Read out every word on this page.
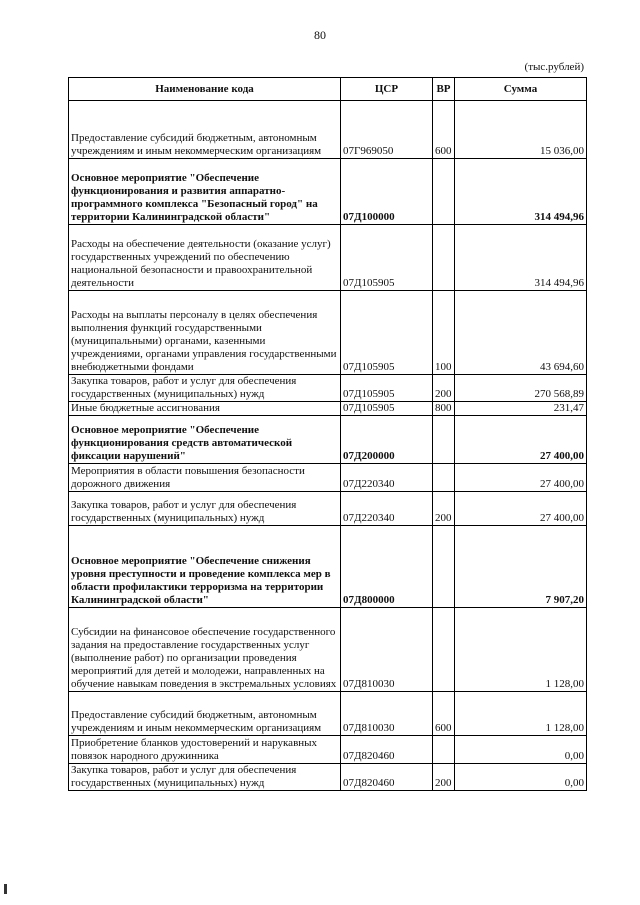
80
(тыс.рублей)
Наименование кода	ЦСР	ВР	Сумма
Предоставление субсидий бюджетным, автономным учреждениям и иным некоммерческим организациям	07Г969050	600	15 036,00
Основное мероприятие "Обеспечение функционирования и развития аппаратно-программного комплекса "Безопасный город" на территории Калининградской области"	07Д100000		314 494,96
Расходы на обеспечение деятельности (оказание услуг) государственных учреждений по обеспечению национальной безопасности и правоохранительной деятельности	07Д105905		314 494,96
Расходы на выплаты персоналу в целях обеспечения выполнения функций государственными (муниципальными) органами, казенными учреждениями, органами управления государственными внебюджетными фондами	07Д105905	100	43 694,60
Закупка товаров, работ и услуг для обеспечения государственных (муниципальных) нужд	07Д105905	200	270 568,89
Иные бюджетные ассигнования	07Д105905	800	231,47
Основное мероприятие "Обеспечение функционирования средств автоматической фиксации нарушений"	07Д200000		27 400,00
Мероприятия в области повышения безопасности дорожного движения	07Д220340		27 400,00
Закупка товаров, работ и услуг для обеспечения государственных (муниципальных) нужд	07Д220340	200	27 400,00
Основное мероприятие "Обеспечение снижения уровня преступности и проведение комплекса мер в области профилактики терроризма на территории Калининградской области"	07Д800000		7 907,20
Субсидии на финансовое обеспечение государственного задания на предоставление государственных услуг (выполнение работ) по организации проведения мероприятий для детей и молодежи, направленных на обучение навыкам поведения в экстремальных условиях	07Д810030		1 128,00
Предоставление субсидий бюджетным, автономным учреждениям и иным некоммерческим организациям	07Д810030	600	1 128,00
Приобретение бланков удостоверений и нарукавных повязок народного дружинника	07Д820460		0,00
Закупка товаров, работ и услуг для обеспечения государственных (муниципальных) нужд	07Д820460	200	0,00
